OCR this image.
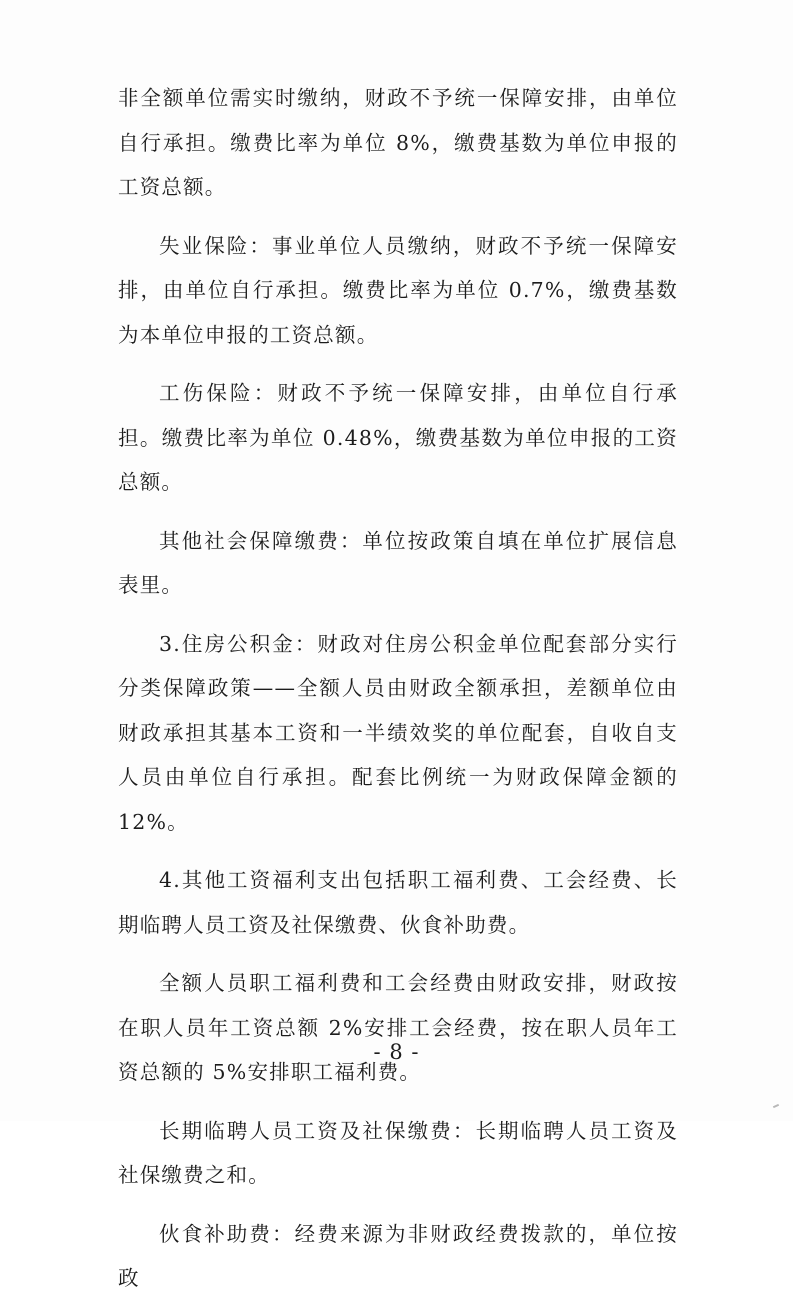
非全额单位需实时缴纳，财政不予统一保障安排，由单位自行承担。缴费比率为单位 8%，缴费基数为单位申报的工资总额。

失业保险：事业单位人员缴纳，财政不予统一保障安排，由单位自行承担。缴费比率为单位 0.7%，缴费基数为本单位申报的工资总额。

工伤保险：财政不予统一保障安排，由单位自行承担。缴费比率为单位 0.48%，缴费基数为单位申报的工资总额。

其他社会保障缴费：单位按政策自填在单位扩展信息表里。

3.住房公积金：财政对住房公积金单位配套部分实行分类保障政策——全额人员由财政全额承担，差额单位由财政承担其基本工资和一半绩效奖的单位配套，自收自支人员由单位自行承担。配套比例统一为财政保障金额的 12%。

4.其他工资福利支出包括职工福利费、工会经费、长期临聘人员工资及社保缴费、伙食补助费。

全额人员职工福利费和工会经费由财政安排，财政按在职人员年工资总额 2%安排工会经费，按在职人员年工资总额的 5%安排职工福利费。

长期临聘人员工资及社保缴费：长期临聘人员工资及社保缴费之和。

伙食补助费：经费来源为非财政经费拨款的，单位按政

- 8 -
